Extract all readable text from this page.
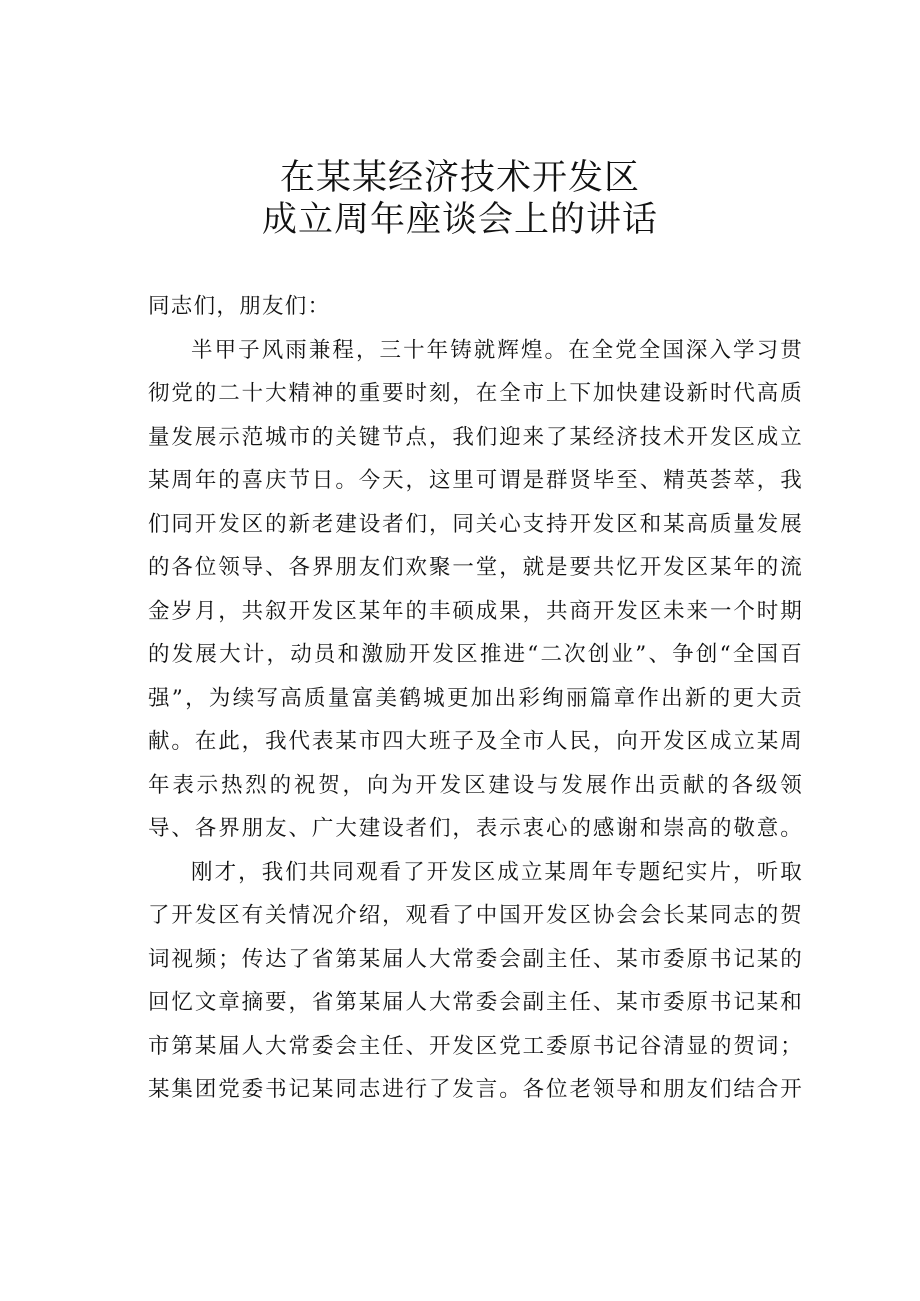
在某某经济技术开发区
成立周年座谈会上的讲话

同志们，朋友们：

半甲子风雨兼程，三十年铸就辉煌。在全党全国深入学习贯彻党的二十大精神的重要时刻，在全市上下加快建设新时代高质量发展示范城市的关键节点，我们迎来了某经济技术开发区成立某周年的喜庆节日。今天，这里可谓是群贤毕至、精英荟萃，我们同开发区的新老建设者们，同关心支持开发区和某高质量发展的各位领导、各界朋友们欢聚一堂，就是要共忆开发区某年的流金岁月，共叙开发区某年的丰硕成果，共商开发区未来一个时期的发展大计，动员和激励开发区推进“二次创业”、争创“全国百强”，为续写高质量富美鹤城更加出彩绚丽篇章作出新的更大贡献。在此，我代表某市四大班子及全市人民，向开发区成立某周年表示热烈的祝贺，向为开发区建设与发展作出贡献的各级领导、各界朋友、广大建设者们，表示衷心的感谢和崇高的敬意。

刚才，我们共同观看了开发区成立某周年专题纪实片，听取了开发区有关情况介绍，观看了中国开发区协会会长某同志的贺词视频；传达了省第某届人大常委会副主任、某市委原书记某的回忆文章摘要，省第某届人大常委会副主任、某市委原书记某和市第某届人大常委会主任、开发区党工委原书记谷清显的贺词；某集团党委书记某同志进行了发言。各位老领导和朋友们结合开
